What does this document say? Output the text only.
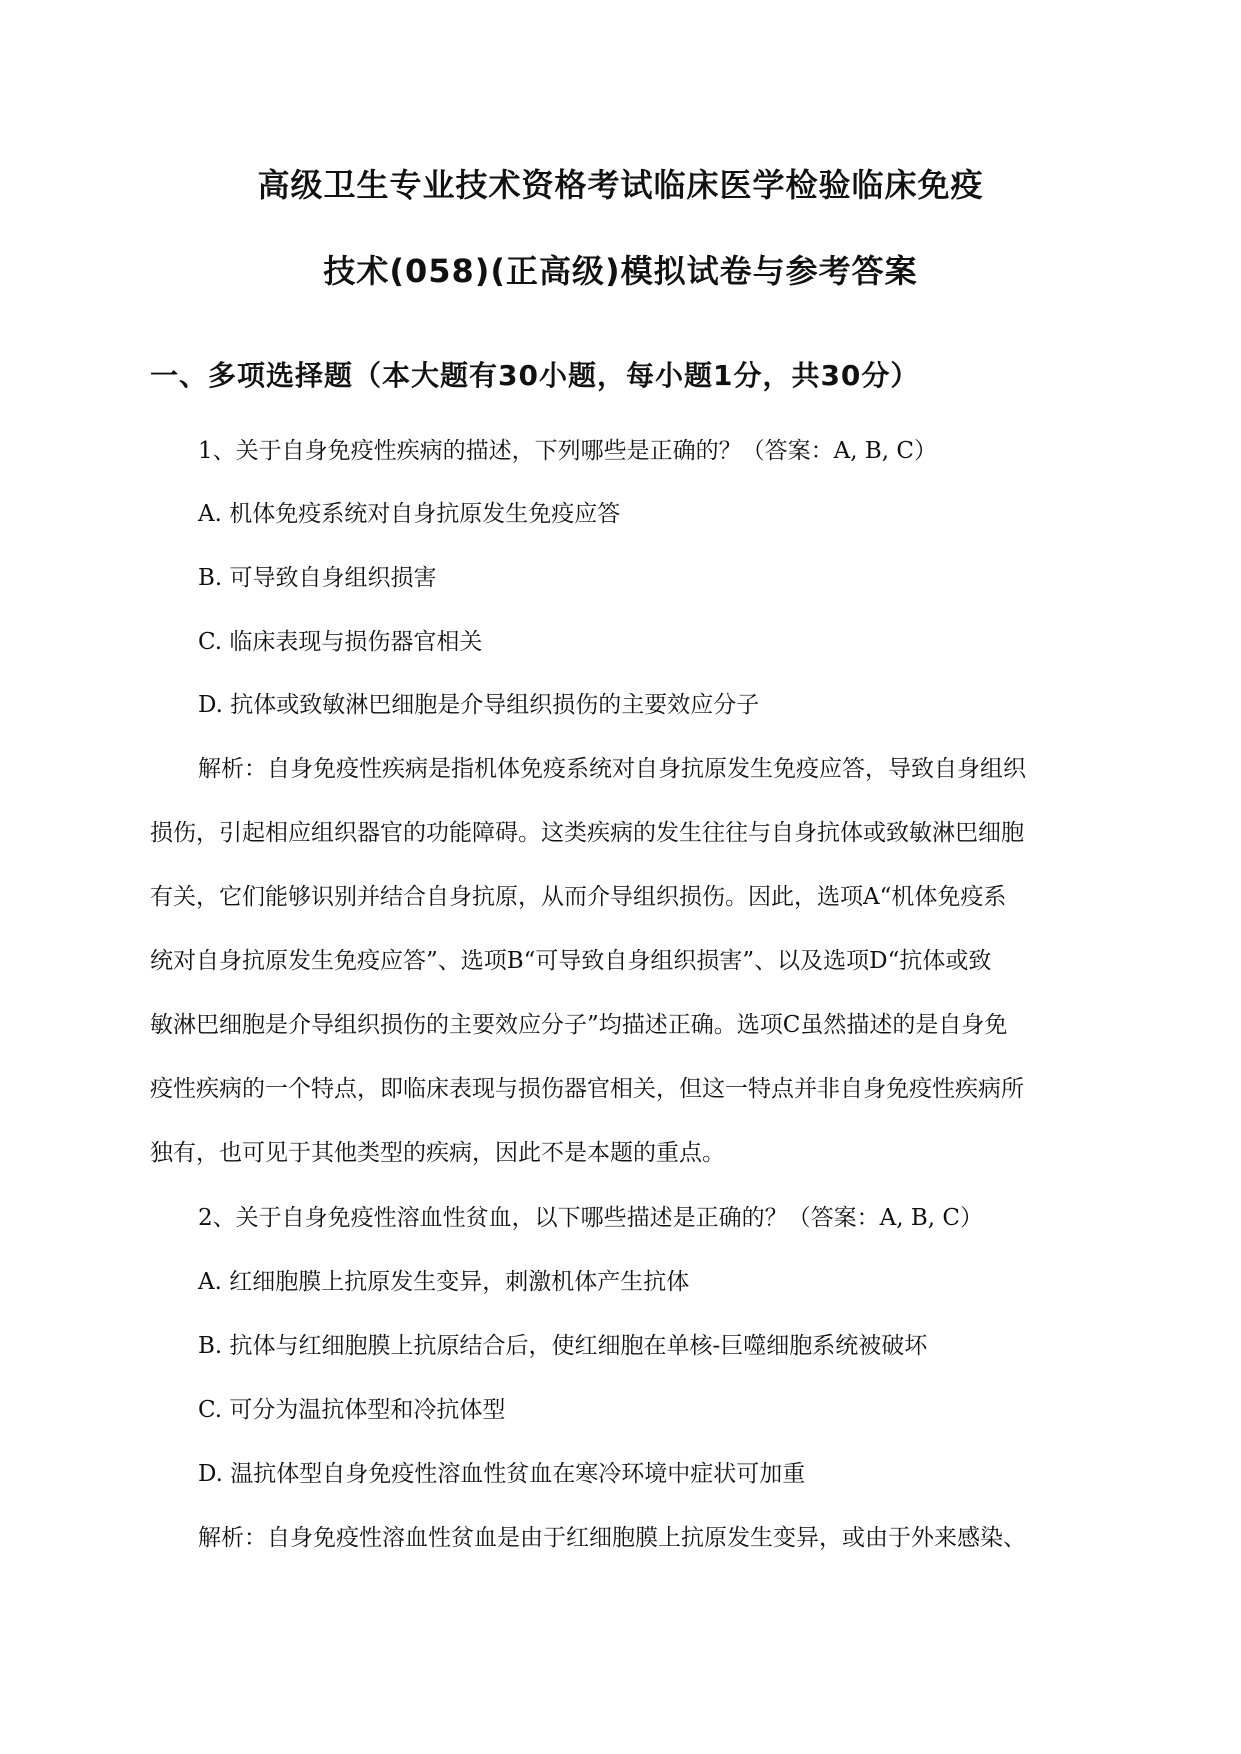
高级卫生专业技术资格考试临床医学检验临床免疫
技术(058)(正高级)模拟试卷与参考答案
一、多项选择题（本大题有30小题，每小题1分，共30分）
1、关于自身免疫性疾病的描述，下列哪些是正确的？（答案：A, B, C）
A. 机体免疫系统对自身抗原发生免疫应答
B. 可导致自身组织损害
C. 临床表现与损伤器官相关
D. 抗体或致敏淋巴细胞是介导组织损伤的主要效应分子
解析：自身免疫性疾病是指机体免疫系统对自身抗原发生免疫应答，导致自身组织
损伤，引起相应组织器官的功能障碍。这类疾病的发生往往与自身抗体或致敏淋巴细胞
有关，它们能够识别并结合自身抗原，从而介导组织损伤。因此，选项A“机体免疫系
统对自身抗原发生免疫应答”、选项B“可导致自身组织损害”、以及选项D“抗体或致
敏淋巴细胞是介导组织损伤的主要效应分子”均描述正确。选项C虽然描述的是自身免
疫性疾病的一个特点，即临床表现与损伤器官相关，但这一特点并非自身免疫性疾病所
独有，也可见于其他类型的疾病，因此不是本题的重点。
2、关于自身免疫性溶血性贫血，以下哪些描述是正确的？（答案：A, B, C）
A. 红细胞膜上抗原发生变异，刺激机体产生抗体
B. 抗体与红细胞膜上抗原结合后，使红细胞在单核-巨噬细胞系统被破坏
C. 可分为温抗体型和冷抗体型
D. 温抗体型自身免疫性溶血性贫血在寒冷环境中症状可加重
解析：自身免疫性溶血性贫血是由于红细胞膜上抗原发生变异，或由于外来感染、
